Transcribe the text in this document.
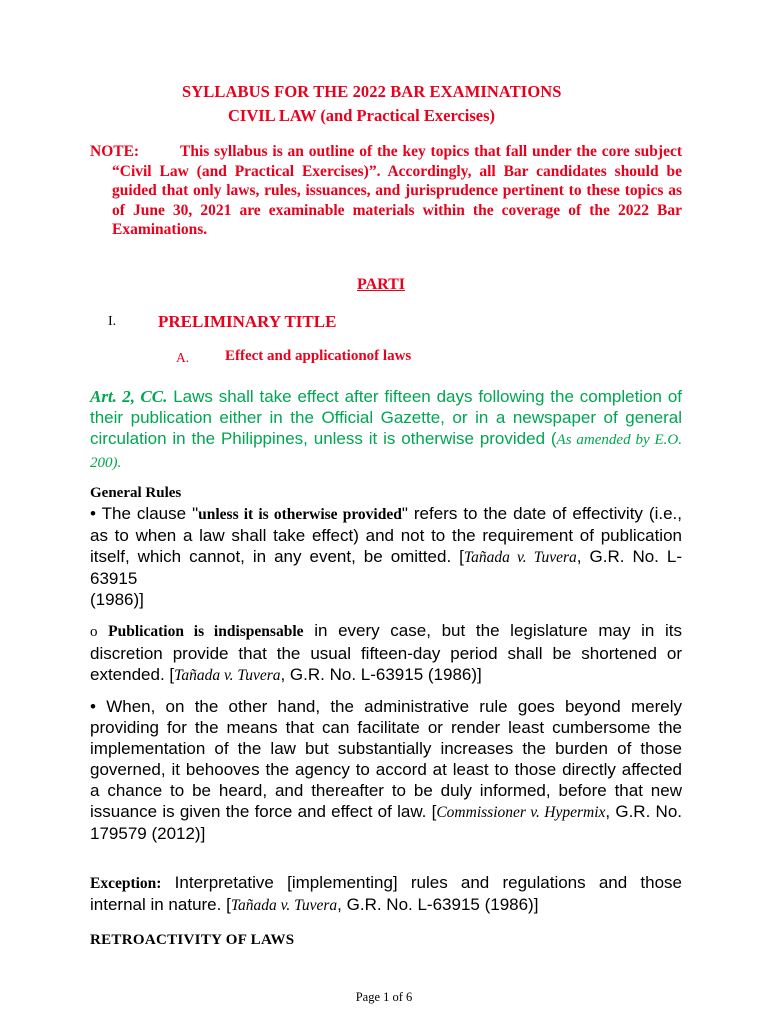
SYLLABUS FOR THE 2022 BAR EXAMINATIONS
CIVIL LAW (and Practical Exercises)
NOTE:	This syllabus is an outline of the key topics that fall under the core subject “Civil Law (and Practical Exercises)”. Accordingly, all Bar candidates should be guided that only laws, rules, issuances, and jurisprudence pertinent to these topics as of June 30, 2021 are examinable materials within the coverage of the 2022 Bar Examinations.
PARTI
I. PRELIMINARY TITLE
A. Effect and applicationof laws
Art. 2, CC. Laws shall take effect after fifteen days following the completion of their publication either in the Official Gazette, or in a newspaper of general circulation in the Philippines, unless it is otherwise provided (As amended by E.O. 200).
General Rules
• The clause "unless it is otherwise provided" refers to the date of effectivity (i.e., as to when a law shall take effect) and not to the requirement of publication itself, which cannot, in any event, be omitted. [Tañada v. Tuvera, G.R. No. L-63915
(1986)]
o Publication is indispensable in every case, but the legislature may in its discretion provide that the usual fifteen-day period shall be shortened or extended. [Tañada v. Tuvera, G.R. No. L-63915 (1986)]
• When, on the other hand, the administrative rule goes beyond merely providing for the means that can facilitate or render least cumbersome the implementation of the law but substantially increases the burden of those governed, it behooves the agency to accord at least to those directly affected a chance to be heard, and thereafter to be duly informed, before that new issuance is given the force and effect of law. [Commissioner v. Hypermix, G.R. No. 179579 (2012)]
Exception: Interpretative [implementing] rules and regulations and those internal in nature. [Tañada v. Tuvera, G.R. No. L-63915 (1986)]
RETROACTIVITY OF LAWS
Page 1 of 6
